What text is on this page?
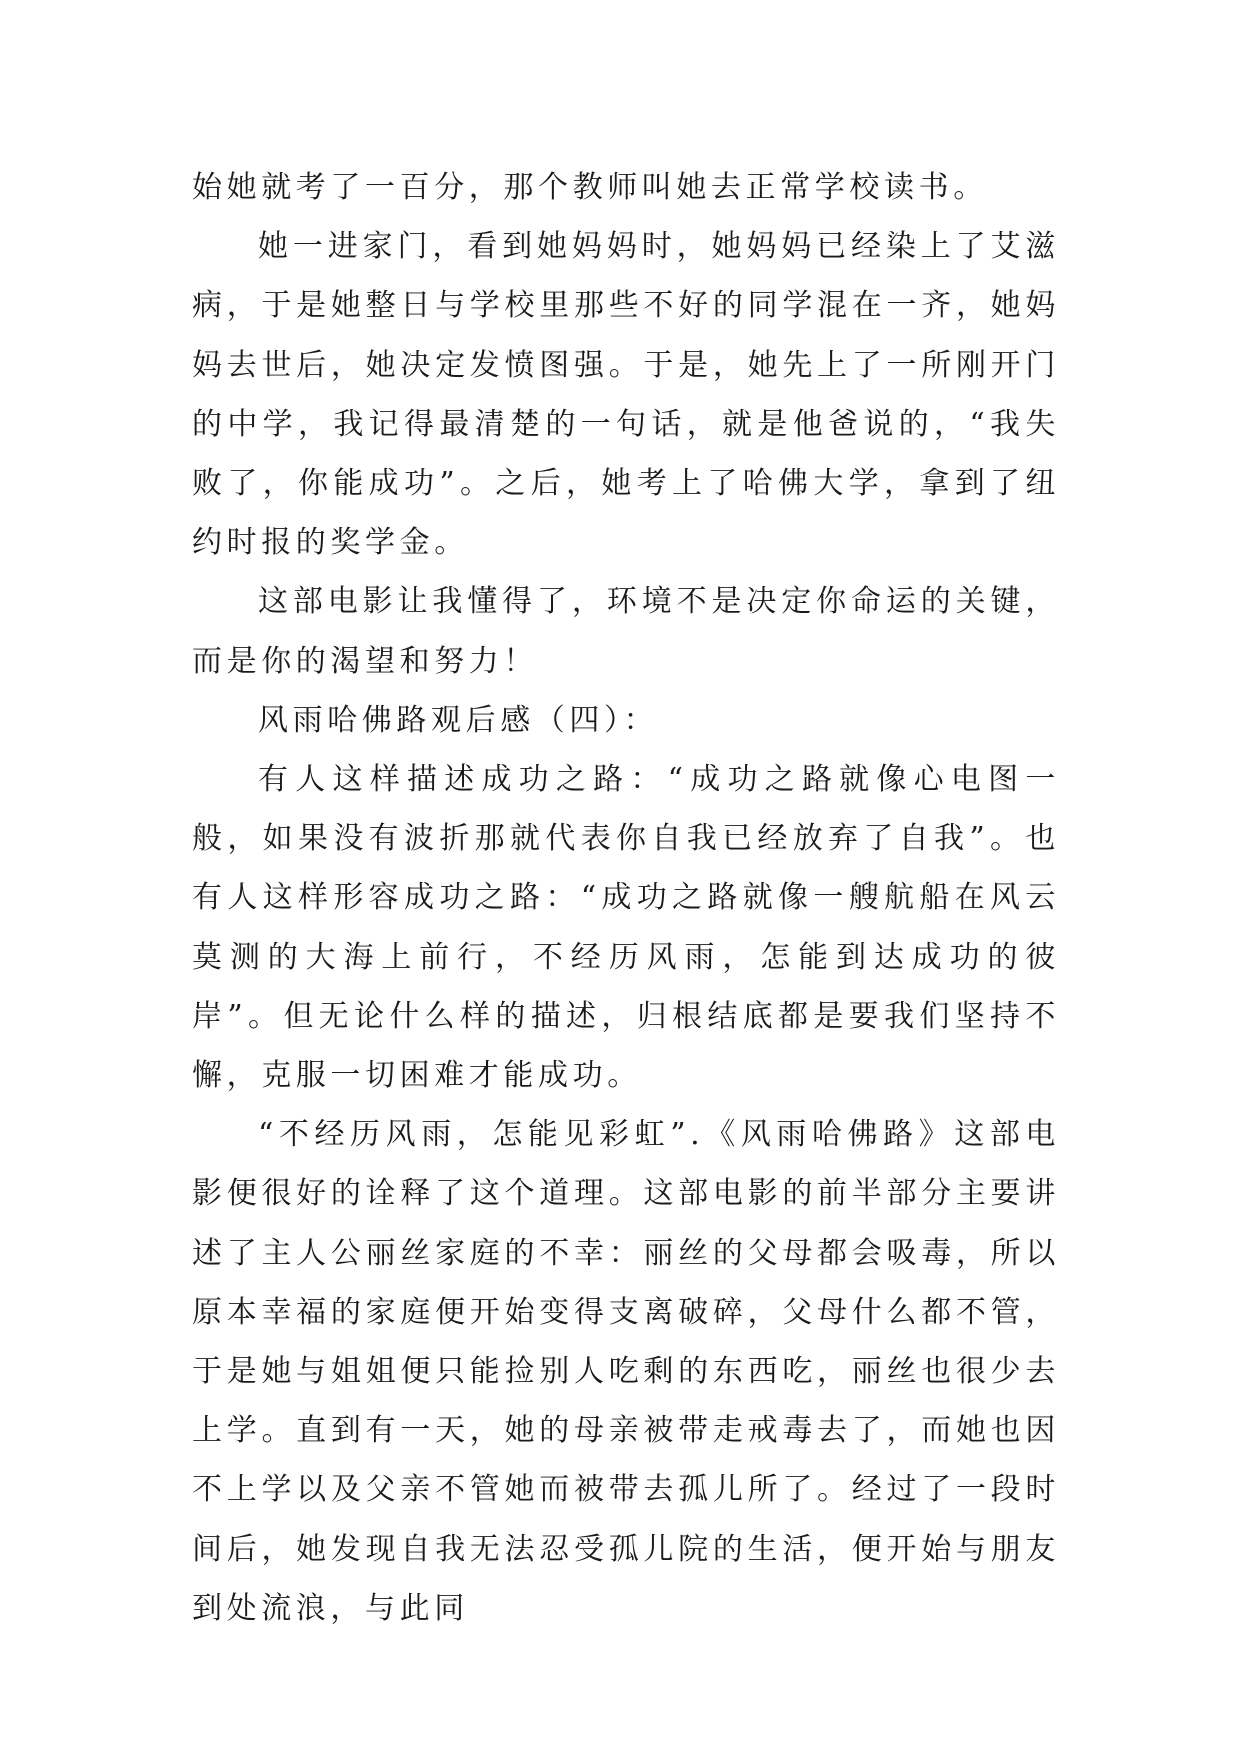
始她就考了一百分，那个教师叫她去正常学校读书。

她一进家门，看到她妈妈时，她妈妈已经染上了艾滋病，于是她整日与学校里那些不好的同学混在一齐，她妈妈去世后，她决定发愤图强。于是，她先上了一所刚开门的中学，我记得最清楚的一句话，就是他爸说的，“我失败了，你能成功”。之后，她考上了哈佛大学，拿到了纽约时报的奖学金。

这部电影让我懂得了，环境不是决定你命运的关键，而是你的渴望和努力！

风雨哈佛路观后感（四）：

有人这样描述成功之路：“成功之路就像心电图一般，如果没有波折那就代表你自我已经放弃了自我”。也有人这样形容成功之路：“成功之路就像一艘航船在风云莫测的大海上前行，不经历风雨，怎能到达成功的彼岸”。但无论什么样的描述，归根结底都是要我们坚持不懈，克服一切困难才能成功。

“不经历风雨，怎能见彩虹”.《风雨哈佛路》这部电影便很好的诠释了这个道理。这部电影的前半部分主要讲述了主人公丽丝家庭的不幸：丽丝的父母都会吸毒，所以原本幸福的家庭便开始变得支离破碎，父母什么都不管，于是她与姐姐便只能捡别人吃剩的东西吃，丽丝也很少去上学。直到有一天，她的母亲被带走戒毒去了，而她也因不上学以及父亲不管她而被带去孤儿所了。经过了一段时间后，她发现自我无法忍受孤儿院的生活，便开始与朋友到处流浪，与此同
